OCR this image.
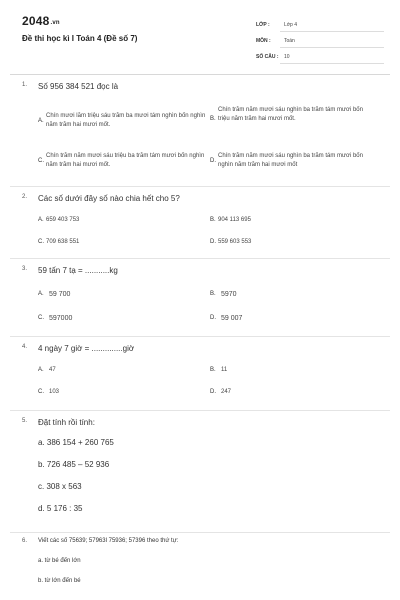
2048.vn
Đề thi học kì I Toán 4 (Đề số 7)
LỚP :	Lớp 4
MÔN :	Toán
SỐ CÂU : 10
1. Số 956 384 521 đọc là
A.
Chín mươi lăm triệu sáu trăm ba mươi tám nghìn bốn nghìn năm trăm hai mươi mốt.
B.
Chín trăm năm mươi sáu nghìn ba trăm tám mươi bốn triệu năm trăm hai mươi mốt.
C.
Chín trăm năm mươi sáu triệu ba trăm tám mươi bốn nghìn năm trăm hai mươi mốt.
D.
Chín trăm năm mươi sáu nghìn ba trăm tám mươi bốn nghìn năm trăm hai mươi mốt
2. Các số dưới đây số nào chia hết cho 5?
A. 659 403 753	B. 904 113 695
C. 709 638 551	D. 559 603 553
3. 59 tấn 7 tạ = ...........kg
A. 59 700	B. 5970
C. 597000	D. 59 007
4. 4 ngày 7 giờ = ..............giờ
A. 47	B. 11
C. 103	D. 247
5. Đặt tính rồi tính:
a. 386 154 + 260 765
b. 726 485 – 52 936
c. 308 x 563
d. 5 176 : 35
6. Viết các số 75639; 57963l 75936; 57396 theo thứ tự:
a. từ bé đến lớn
b. từ lớn đến bé
